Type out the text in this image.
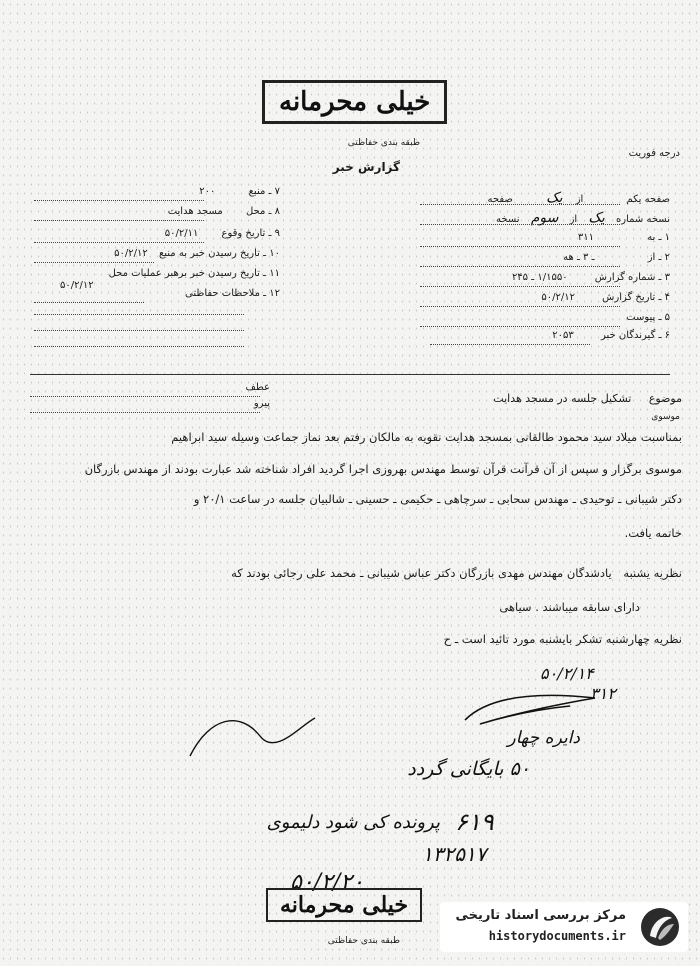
خیلی محرمانه
طبقه بندی حفاظتی
گزارش خبر
درجه فوریت
صفحه یکم از یک صفحه
نسخه شماره یک از سوم نسخه
۱ ـ به ۳۱۱
۲ ـ از ـ ۳ ـ هه
۳ ـ شماره گزارش ۱/۱۵۵۰ ـ ۲۴۵
۴ ـ تاریخ گزارش ۵۰/۲/۱۲
۵ ـ پیوست
۶ ـ گیرندگان خبر ۲۰۵۳
۷ ـ منبع ۲۰۰
۸ ـ محل مسجد هدایت
۹ ـ تاریخ وقوع ۵۰/۲/۱۱
۱۰ ـ تاریخ رسیدن خبر به منبع ۵۰/۲/۱۲
۱۱ ـ تاریخ رسیدن خبر برهبر عملیات محل
۵۰/۲/۱۲
۱۲ ـ ملاحظات حفاظتی
موضوع تشکیل جلسه در مسجد هدایت
عطف
پیرو
موسوی
بمناسبت میلاد سید محمود طالقانی بمسجد هدایت نقویه به مالکان رفتم بعد نماز جماعت وسیله سید ابراهیم
موسوی برگزار و سپس از آن قرآنت قرآن توسط مهندس بهروزی اجرا گردید افراد شناخته شد عبارت بودند از مهندس بازرگان
دکتر شیبانی ـ توحیدی ـ مهندس سحابی ـ سرچاهی ـ حکیمی ـ حسینی ـ شالبیان جلسه در ساعت ۲۰/۱ و
خاتمه یافت.
نظریه یشنبه یادشدگان مهندس مهدی بازرگان دکتر عباس شیبانی ـ محمد علی رجائی بودند که
دارای سابقه میباشند . سیاهی
نظریه چهارشنبه تشکر بایشنبه مورد تائید است ـ ح
۵۰/۲/۱۴
۳۱۲
دایره چهار
۵۰ بایگانی گردد
۶۱۹
پرونده کی شود دلیموی
۱۳۲۵۱۷
۵۰/۲/۲۰
خیلی محرمانه
طبقه بندی حفاظتی
مرکز بررسی اسناد تاریخی
historydocuments.ir
